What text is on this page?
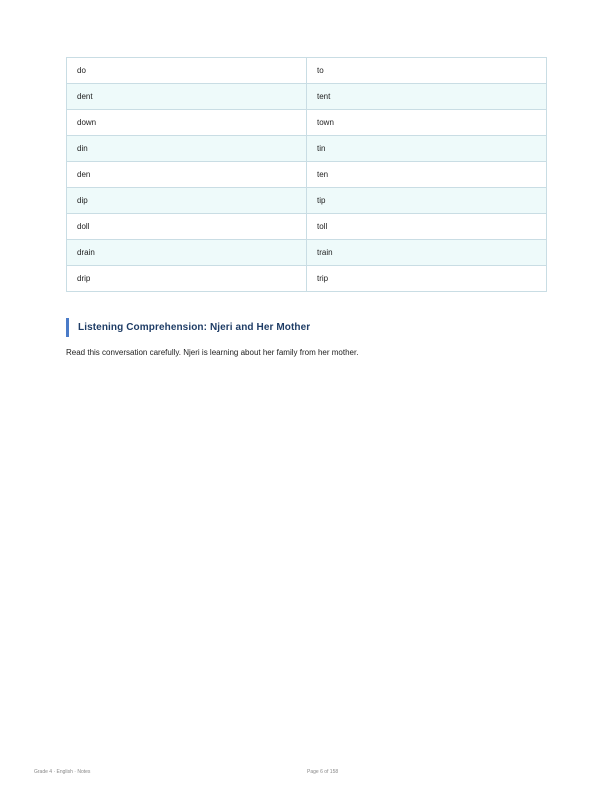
do	to
dent	tent
down	town
din	tin
den	ten
dip	tip
doll	toll
drain	train
drip	trip
Listening Comprehension: Njeri and Her Mother
Read this conversation carefully. Njeri is learning about her family from her mother.
Grade 4 · English · Notes	Page 6 of 158
